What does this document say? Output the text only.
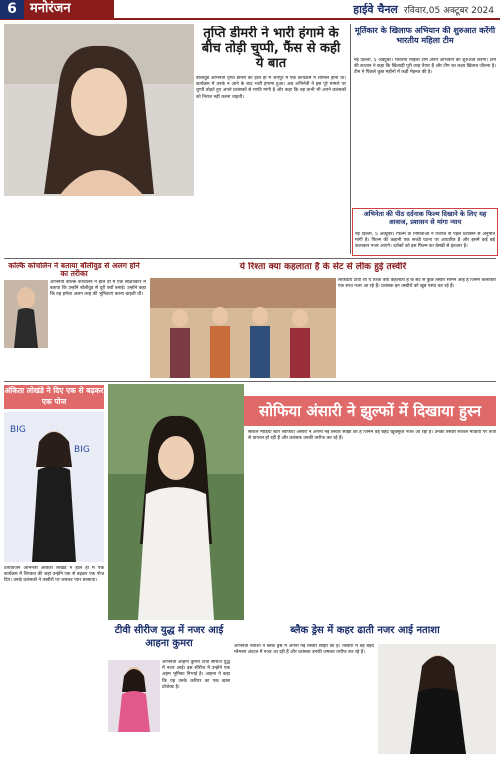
6	मनोरंजन	हाईवे चैनल रविवार,05 अक्टूबर 2024
तृप्ति डीमरी ने भारी हंगामे के बीच तोड़ी चुप्पी, फैंस से कही ये बात
बॉलीवुड अभिनेत्री तृप्ति डीमरी को हाल ही में जयपुर में एक कार्यक्रम में शामिल होना था। कार्यक्रम में उनके न आने के बाद भारी हंगामा हुआ। अब अभिनेत्री ने इस पूरे मामले पर चुप्पी तोड़ते हुए अपने प्रशंसकों से माफी मांगी है और कहा कि वह कभी भी अपने प्रशंसकों को निराश नहीं करना चाहती।
मूर्तिकार के खिलाफ अभियान की शुरुआत करेंगी भारतीय महिला टीम
नई दिल्ली, 5 अक्टूबर। भारतीय महिला टीम अपने अभियान की शुरुआत करेगी। टीम की कप्तान ने कहा कि खिलाड़ी पूरी तरह तैयार हैं और टीम का लक्ष्य खिताब जीतना है। टीम ने पिछले कुछ महीनों में कड़ी मेहनत की है।
अभिनेता की पीठ दर्दनाक फिल्म दिखाने के लिए यह आवाज, प्रशासन से मांगा न्याय
नई दिल्ली, 5 अक्टूबर। फिल्म के निर्माताओं ने रिलीज से पहले प्रशासन से अनुमति मांगी है। फिल्म की कहानी एक सच्ची घटना पर आधारित है और इसमें कई बड़े कलाकार नजर आएंगे। दर्शकों को इस फिल्म का बेसब्री से इंतजार है।
कल्कि कोचलिन ने बताया बॉलीवुड से अलग होने का तरीका
अभिनेत्री कल्कि कोचलिन ने हाल ही में एक साक्षात्कार में बताया कि उन्होंने बॉलीवुड से दूरी क्यों बनाई। उन्होंने कहा कि वह हमेशा अलग तरह की भूमिकाएं करना चाहती थीं।
ये रिश्ता क्या कहलाता है के सेट से लीक हुई तस्वीरें
लोकप्रिय टीवी शो ये रिश्ता क्या कहलाता है के सेट से कुछ तस्वीरें सामने आई हैं जिनमें कलाकार एक साथ नजर आ रहे हैं। प्रशंसक इन तस्वीरों को खूब पसंद कर रहे हैं।
अंकिता लोखंडे ने दिए एक से बढ़कर एक पोज
BIG
BIG
टेलीविजन अभिनेत्री अंकिता लोखंडे ने हाल ही में एक कार्यक्रम में शिरकत की जहां उन्होंने एक से बढ़कर एक पोज दिए। उनके प्रशंसकों ने तस्वीरों पर जमकर प्यार बरसाया।
सोफिया अंसारी ने झुल्फों में दिखाया हुस्न
सोशल मीडिया स्टार सोफिया अंसारी ने अपनी नई तस्वीरें साझा की हैं जिनमें वह बेहद खूबसूरत नजर आ रही हैं। उनकी तस्वीरें सोशल मीडिया पर तेजी से वायरल हो रही हैं और प्रशंसक उनकी तारीफ कर रहे हैं।
टीवी सीरीज युद्ध में नजर आई आहना कुमरा
अभिनेत्री आहना कुमरा टीवी सीरीज युद्ध में नजर आईं। इस सीरीज में उन्होंने एक अहम भूमिका निभाई है। आहना ने कहा कि यह उनके करियर का एक खास प्रोजेक्ट है।
ब्लैक ड्रेस में कहर ढाती नजर आई नताशा
अभिनेत्री नताशा ने ब्लैक ड्रेस में अपनी नई तस्वीरें साझा की हैं। तस्वीरों में वह बेहद ग्लैमरस अंदाज में नजर आ रही हैं और प्रशंसक उनकी जमकर तारीफ कर रहे हैं।
